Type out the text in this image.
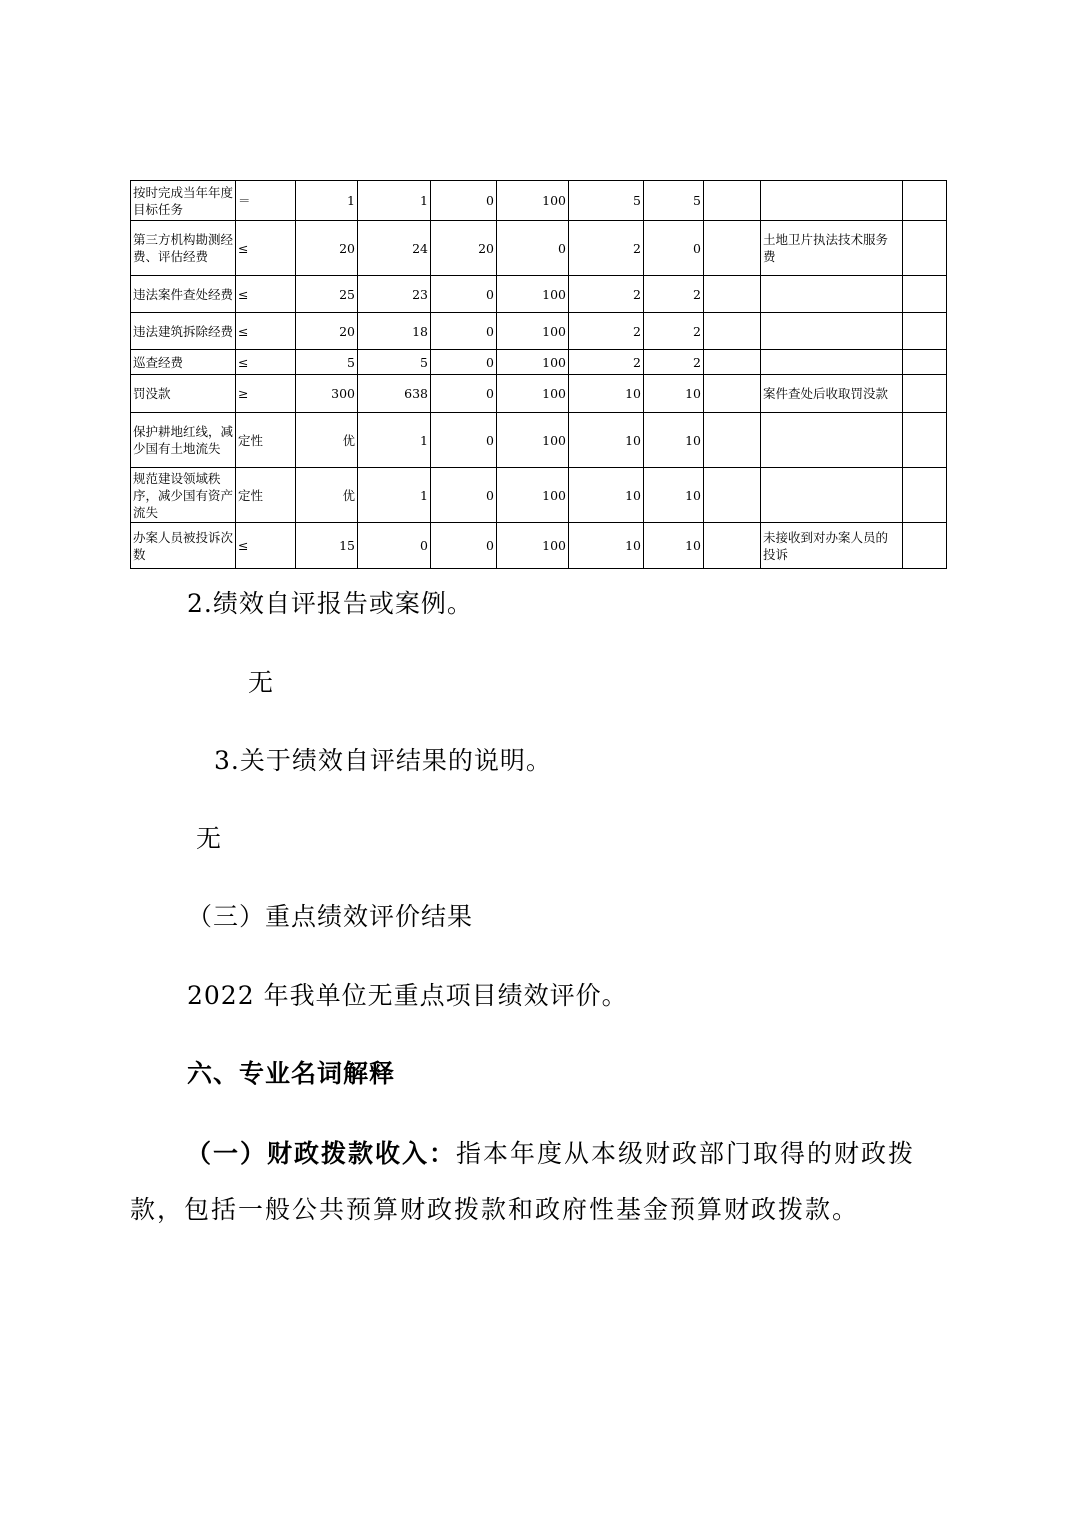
按时完成当年年度目标任务	＝	1	1	0	100	5	5			
第三方机构勘测经费、评估经费	≤	20	24	20	0	2	0		土地卫片执法技术服务费	
违法案件查处经费	≤	25	23	0	100	2	2			
违法建筑拆除经费	≤	20	18	0	100	2	2			
巡查经费	≤	5	5	0	100	2	2			
罚没款	≥	300	638	0	100	10	10		案件查处后收取罚没款	
保护耕地红线，减少国有土地流失	定性	优	1	0	100	10	10			
规范建设领域秩序，减少国有资产流失	定性	优	1	0	100	10	10			
办案人员被投诉次数	≤	15	0	0	100	10	10		未接收到对办案人员的投诉	
2.绩效自评报告或案例。
无
3.关于绩效自评结果的说明。
无
（三）重点绩效评价结果
2022 年我单位无重点项目绩效评价。
六、专业名词解释
（一）财政拨款收入：指本年度从本级财政部门取得的财政拨款，包括一般公共预算财政拨款和政府性基金预算财政拨款。
